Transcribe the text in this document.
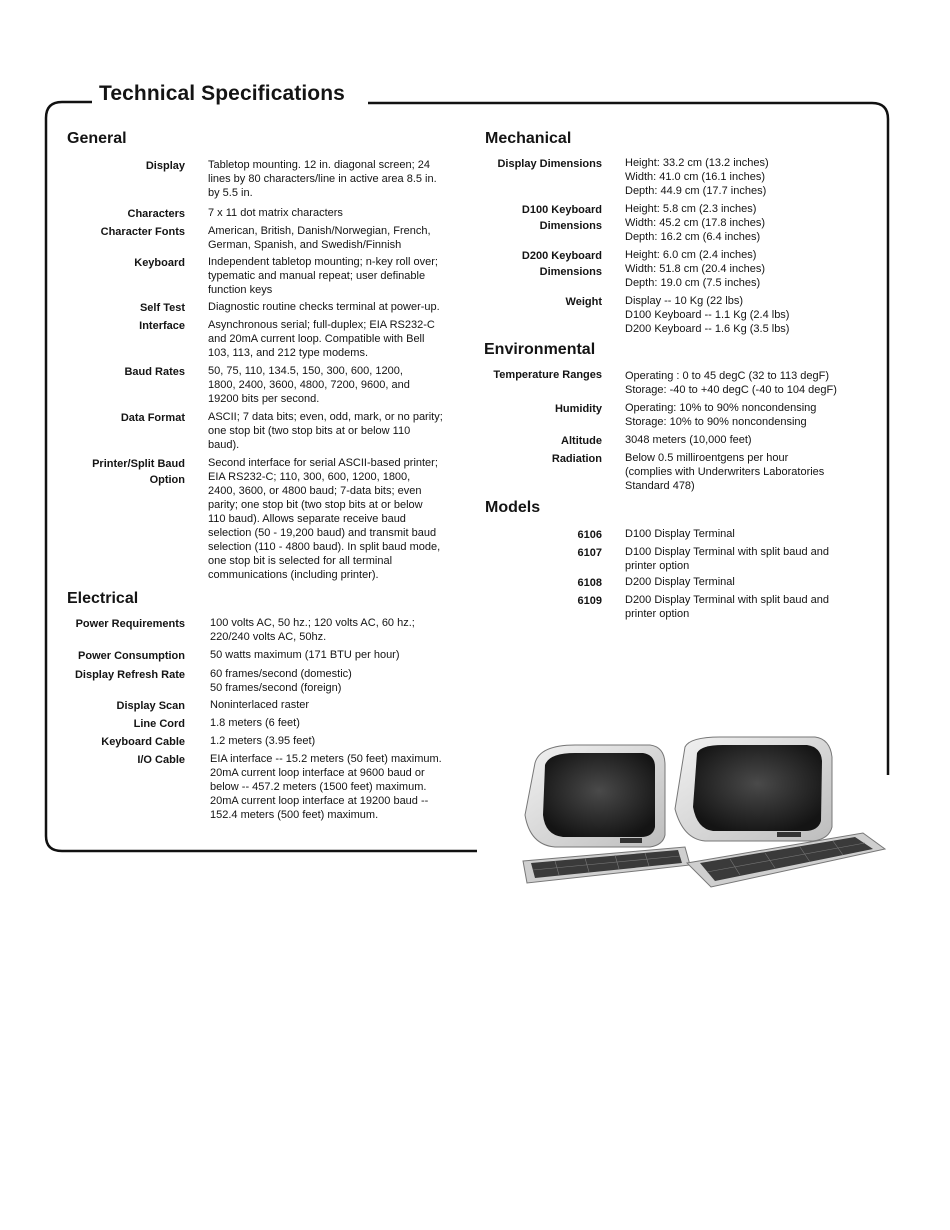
Technical Specifications
General
Display Tabletop mounting. 12 in. diagonal screen; 24
lines by 80 characters/line in active area 8.5 in.
by 5.5 in.
Characters 7 x 11 dot matrix characters
Character Fonts American, British, Danish/Norwegian, French,
German, Spanish, and Swedish/Finnish
Keyboard Independent tabletop mounting; n-key roll over;
typematic and manual repeat; user definable
function keys
Self Test Diagnostic routine checks terminal at power-up.
Interface Asynchronous serial; full-duplex; EIA RS232-C
and 20mA current loop. Compatible with Bell
103, 113, and 212 type modems.
Baud Rates 50, 75, 110, 134.5, 150, 300, 600, 1200,
1800, 2400, 3600, 4800, 7200, 9600, and
19200 bits per second.
Data Format ASCII; 7 data bits; even, odd, mark, or no parity;
one stop bit (two stop bits at or below 110
baud).
Printer/Split Baud
Option
Second interface for serial ASCII-based printer;
EIA RS232-C; 110, 300, 600, 1200, 1800,
2400, 3600, or 4800 baud; 7-data bits; even
parity; one stop bit (two stop bits at or below
110 baud). Allows separate receive baud
selection (50 - 19,200 baud) and transmit baud
selection (110 - 4800 baud). In split baud mode,
one stop bit is selected for all terminal
communications (including printer).
Electrical
Power Requirements 100 volts AC, 50 hz.; 120 volts AC, 60 hz.;
220/240 volts AC, 50hz.
Power Consumption 50 watts maximum (171 BTU per hour)
Display Refresh Rate 60 frames/second (domestic)
50 frames/second (foreign)
Display Scan Noninterlaced raster
Line Cord 1.8 meters (6 feet)
Keyboard Cable 1.2 meters (3.95 feet)
I/O Cable EIA interface -- 15.2 meters (50 feet) maximum.
20mA current loop interface at 9600 baud or
below -- 457.2 meters (1500 feet) maximum.
20mA current loop interface at 19200 baud --
152.4 meters (500 feet) maximum.
Mechanical
Display Dimensions Height: 33.2 cm (13.2 inches)
Width: 41.0 cm (16.1 inches)
Depth: 44.9 cm (17.7 inches)
D100 Keyboard
Dimensions
Height: 5.8 cm (2.3 inches)
Width: 45.2 cm (17.8 inches)
Depth: 16.2 cm (6.4 inches)
D200 Keyboard
Dimensions
Height: 6.0 cm (2.4 inches)
Width: 51.8 cm (20.4 inches)
Depth: 19.0 cm (7.5 inches)
Weight Display -- 10 Kg (22 lbs)
D100 Keyboard -- 1.1 Kg (2.4 lbs)
D200 Keyboard -- 1.6 Kg (3.5 lbs)
Environmental
Temperature Ranges Operating : 0 to 45 degC (32 to 113 degF)
Storage: -40 to +40 degC (-40 to 104 degF)
Humidity Operating: 10% to 90% noncondensing
Storage: 10% to 90% noncondensing
Altitude 3048 meters (10,000 feet)
Radiation Below 0.5 milliroentgens per hour
(complies with Underwriters Laboratories
Standard 478)
Models
6106 D100 Display Terminal
6107 D100 Display Terminal with split baud and
printer option
6108 D200 Display Terminal
6109 D200 Display Terminal with split baud and
printer option
